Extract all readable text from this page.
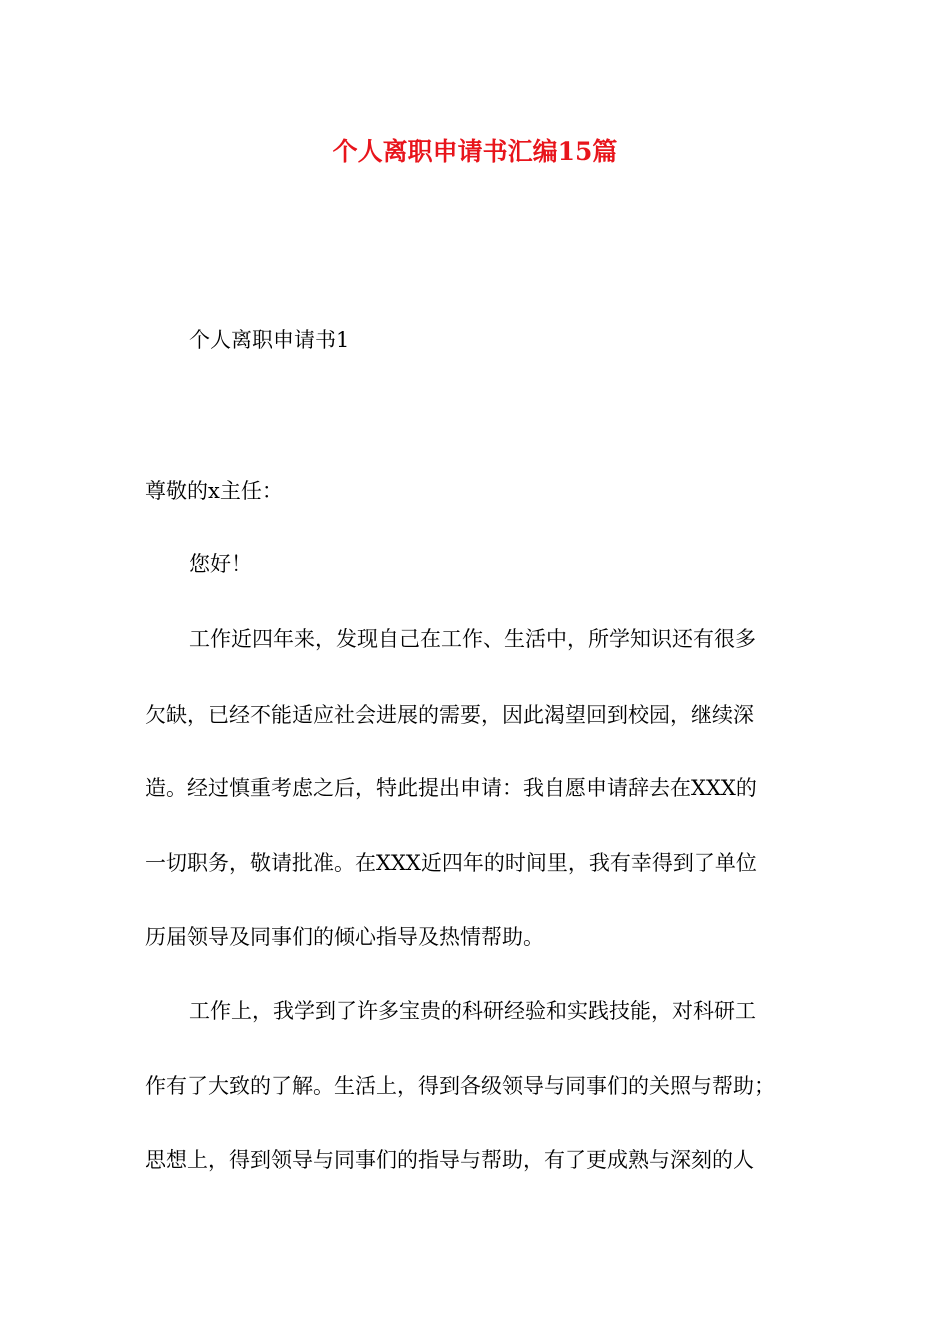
个人离职申请书汇编15篇
个人离职申请书1
尊敬的x主任：
您好！
工作近四年来，发现自己在工作、生活中，所学知识还有很多
欠缺，已经不能适应社会进展的需要，因此渴望回到校园，继续深
造。经过慎重考虑之后，特此提出申请：我自愿申请辞去在XXX的
一切职务，敬请批准。在XXX近四年的时间里，我有幸得到了单位
历届领导及同事们的倾心指导及热情帮助。
工作上，我学到了许多宝贵的科研经验和实践技能，对科研工
作有了大致的了解。生活上，得到各级领导与同事们的关照与帮助；
思想上，得到领导与同事们的指导与帮助，有了更成熟与深刻的人
